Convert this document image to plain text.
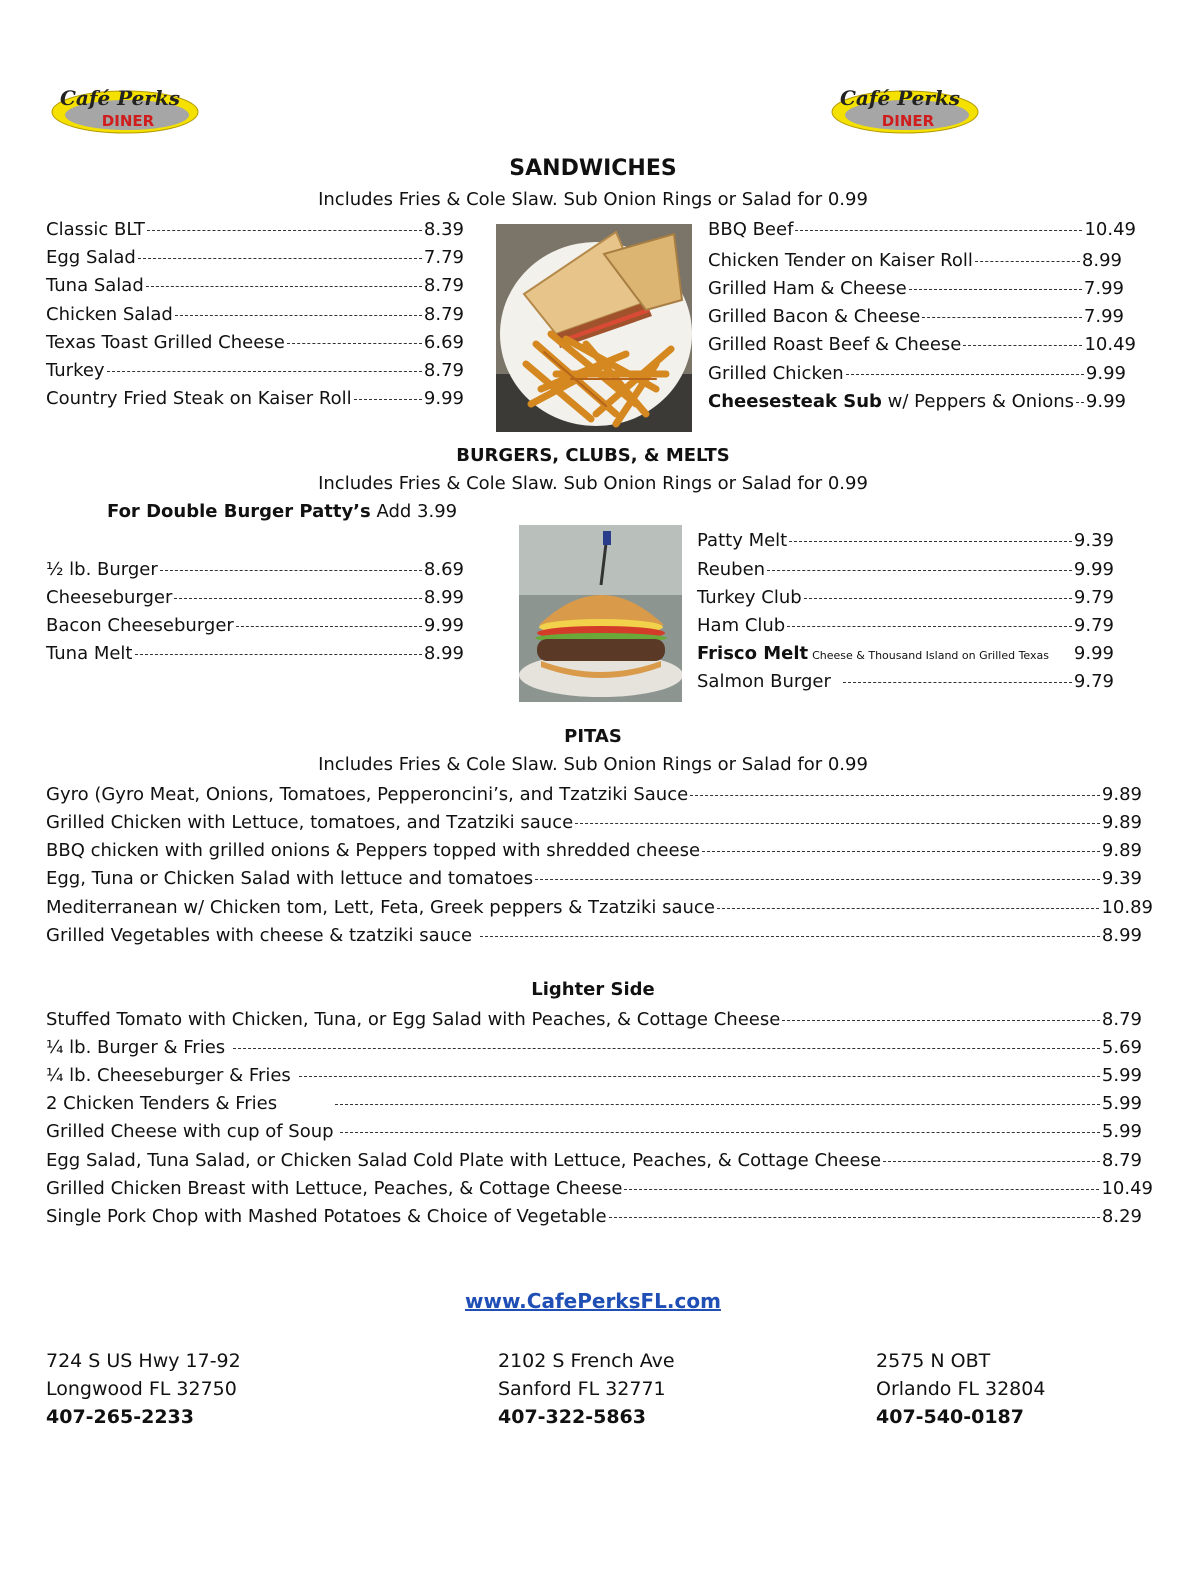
Café Perks
DINER
Café Perks
DINER
SANDWICHES
Includes Fries & Cole Slaw. Sub Onion Rings or Salad for 0.99
Classic BLT	8.39
Egg Salad	7.79
Tuna Salad	8.79
Chicken Salad	8.79
Texas Toast Grilled Cheese	6.69
Turkey	8.79
Country Fried Steak on Kaiser Roll	9.99
BBQ Beef	10.49
Chicken Tender on Kaiser Roll	8.99
Grilled Ham & Cheese	7.99
Grilled Bacon & Cheese	7.99
Grilled Roast Beef & Cheese	10.49
Grilled Chicken	9.99
Cheesesteak Sub w/ Peppers & Onions 9.99
BURGERS, CLUBS, & MELTS
Includes Fries & Cole Slaw. Sub Onion Rings or Salad for 0.99
For Double Burger Patty’s Add 3.99
½ lb. Burger	8.69
Cheeseburger	8.99
Bacon Cheeseburger	9.99
Tuna Melt	8.99
Patty Melt	9.39
Reuben	9.99
Turkey Club	9.79
Ham Club	9.79
Frisco Melt Cheese & Thousand Island on Grilled Texas 9.99
Salmon Burger	9.79
PITAS
Includes Fries & Cole Slaw. Sub Onion Rings or Salad for 0.99
Gyro (Gyro Meat, Onions, Tomatoes, Pepperoncini’s, and Tzatziki Sauce	9.89
Grilled Chicken with Lettuce, tomatoes, and Tzatziki sauce	9.89
BBQ chicken with grilled onions & Peppers topped with shredded cheese	9.89
Egg, Tuna or Chicken Salad with lettuce and tomatoes	9.39
Mediterranean w/ Chicken tom, Lett, Feta, Greek peppers & Tzatziki sauce	10.89
Grilled Vegetables with cheese & tzatziki sauce	8.99
Lighter Side
Stuffed Tomato with Chicken, Tuna, or Egg Salad with Peaches, & Cottage Cheese	8.79
¼ lb. Burger & Fries	5.69
¼ lb. Cheeseburger & Fries	5.99
2 Chicken Tenders & Fries	5.99
Grilled Cheese with cup of Soup	5.99
Egg Salad, Tuna Salad, or Chicken Salad Cold Plate with Lettuce, Peaches, & Cottage Cheese	8.79
Grilled Chicken Breast with Lettuce, Peaches, & Cottage Cheese	10.49
Single Pork Chop with Mashed Potatoes & Choice of Vegetable	8.29
www.CafePerksFL.com
724 S US Hwy 17-92
Longwood FL 32750
407-265-2233
2102 S French Ave
Sanford FL 32771
407-322-5863
2575 N OBT
Orlando FL 32804
407-540-0187
